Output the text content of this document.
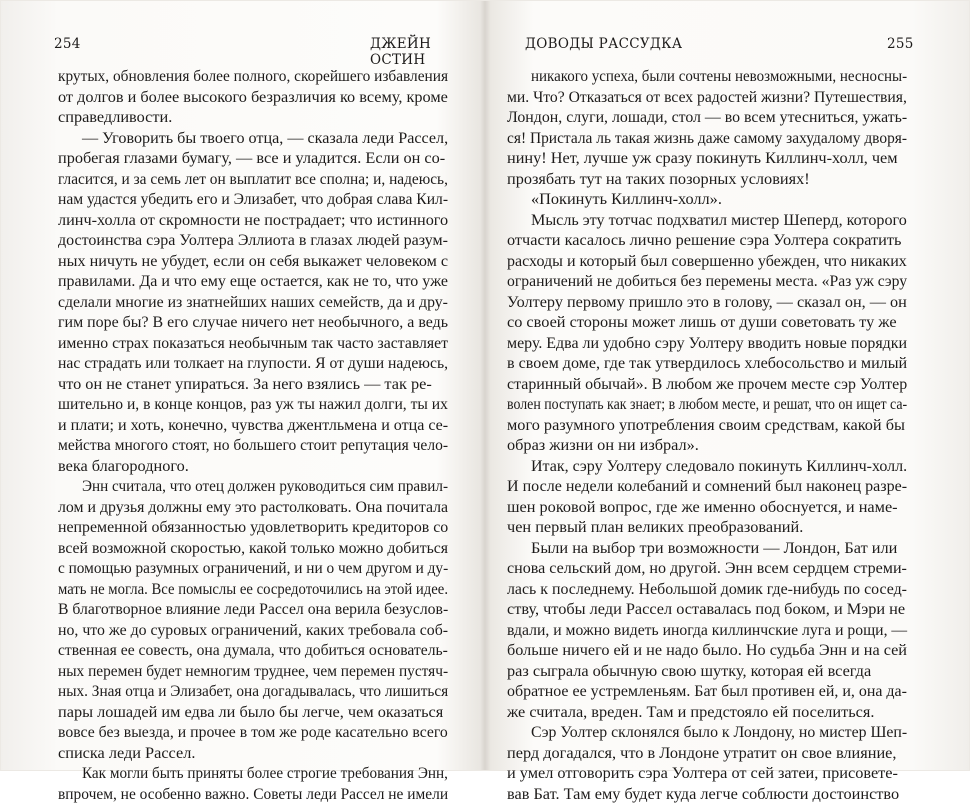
254	ДЖЕЙН ОСТИН
крутых, обновления более полного, скорейшего избавления
от долгов и более высокого безразличия ко всему, кроме
справедливости.
— Уговорить бы твоего отца, — сказала леди Рассел,
пробегая глазами бумагу, — все и уладится. Если он со-
гласится, и за семь лет он выплатит все сполна; и, надеюсь,
нам удастся убедить его и Элизабет, что добрая слава Кил-
линч-холла от скромности не пострадает; что истинного
достоинства сэра Уолтера Эллиота в глазах людей разум-
ных ничуть не убудет, если он себя выкажет человеком с
правилами. Да и что ему еще остается, как не то, что уже
сделали многие из знатнейших наших семейств, да и дру-
гим поре бы? В его случае ничего нет необычного, а ведь
именно страх показаться необычным так часто заставляет
нас страдать или толкает на глупости. Я от души надеюсь,
что он не станет упираться. За него взялись — так ре-
шительно и, в конце концов, раз уж ты нажил долги, ты их
и плати; и хоть, конечно, чувства джентльмена и отца се-
мейства многого стоят, но большего стоит репутация чело-
века благородного.
Энн считала, что отец должен руководиться сим правил-
лом и друзья должны ему это растолковать. Она почитала
непременной обязанностью удовлетворить кредиторов со
всей возможной скоростью, какой только можно добиться
с помощью разумных ограничений, и ни о чем другом и ду-
мать не могла. Все помыслы ее сосредоточились на этой идее.
В благотворное влияние леди Рассел она верила безуслов-
но, что же до суровых ограничений, каких требовала соб-
ственная ее совесть, она думала, что добиться основатель-
ных перемен будет немногим труднее, чем перемен пустяч-
ных. Зная отца и Элизабет, она догадывалась, что лишиться
пары лошадей им едва ли было бы легче, чем оказаться
вовсе без выезда, и прочее в том же роде касательно всего
списка леди Рассел.
Как могли быть приняты более строгие требования Энн,
впрочем, не особенно важно. Советы леди Рассел не имели
ДОВОДЫ РАССУДКА	255
никакого успеха, были сочтены невозможными, несносны-
ми. Что? Отказаться от всех радостей жизни? Путешествия,
Лондон, слуги, лошади, стол — во всем утесниться, ужать-
ся! Пристала ль такая жизнь даже самому захудалому дворя-
нину! Нет, лучше уж сразу покинуть Киллинч-холл, чем
прозябать тут на таких позорных условиях!
«Покинуть Киллинч-холл».
Мысль эту тотчас подхватил мистер Шеперд, которого
отчасти касалось лично решение сэра Уолтера сократить
расходы и который был совершенно убежден, что никаких
ограничений не добиться без перемены места. «Раз уж сэру
Уолтеру первому пришло это в голову, — сказал он, — он
со своей стороны может лишь от души советовать ту же
меру. Едва ли удобно сэру Уолтеру вводить новые порядки
в своем доме, где так утвердилось хлебосольство и милый
старинный обычай». В любом же прочем месте сэр Уолтер
волен поступать как знает; в любом месте, и решат, что он ищет са-
мого разумного употребления своим средствам, какой бы
образ жизни он ни избрал».
Итак, сэру Уолтеру следовало покинуть Киллинч-холл.
И после недели колебаний и сомнений был наконец разре-
шен роковой вопрос, где же именно обоснуется, и наме-
чен первый план великих преобразований.
Были на выбор три возможности — Лондон, Бат или
снова сельский дом, но другой. Энн всем сердцем стреми-
лась к последнему. Небольшой домик где-нибудь по сосед-
ству, чтобы леди Рассел оставалась под боком, и Мэри не
вдали, и можно видеть иногда киллинчские луга и рощи, —
больше ничего ей и не надо было. Но судьба Энн и на сей
раз сыграла обычную свою шутку, которая ей всегда
обратное ее устремленьям. Бат был противен ей, и, она да-
же считала, вреден. Там и предстояло ей поселиться.
Сэр Уолтер склонялся было к Лондону, но мистер Шеп-
перд догадался, что в Лондоне утратит он свое влияние,
и умел отговорить сэра Уолтера от сей затеи, присовете-
вав Бат. Там ему будет куда легче соблюсти достоинство
